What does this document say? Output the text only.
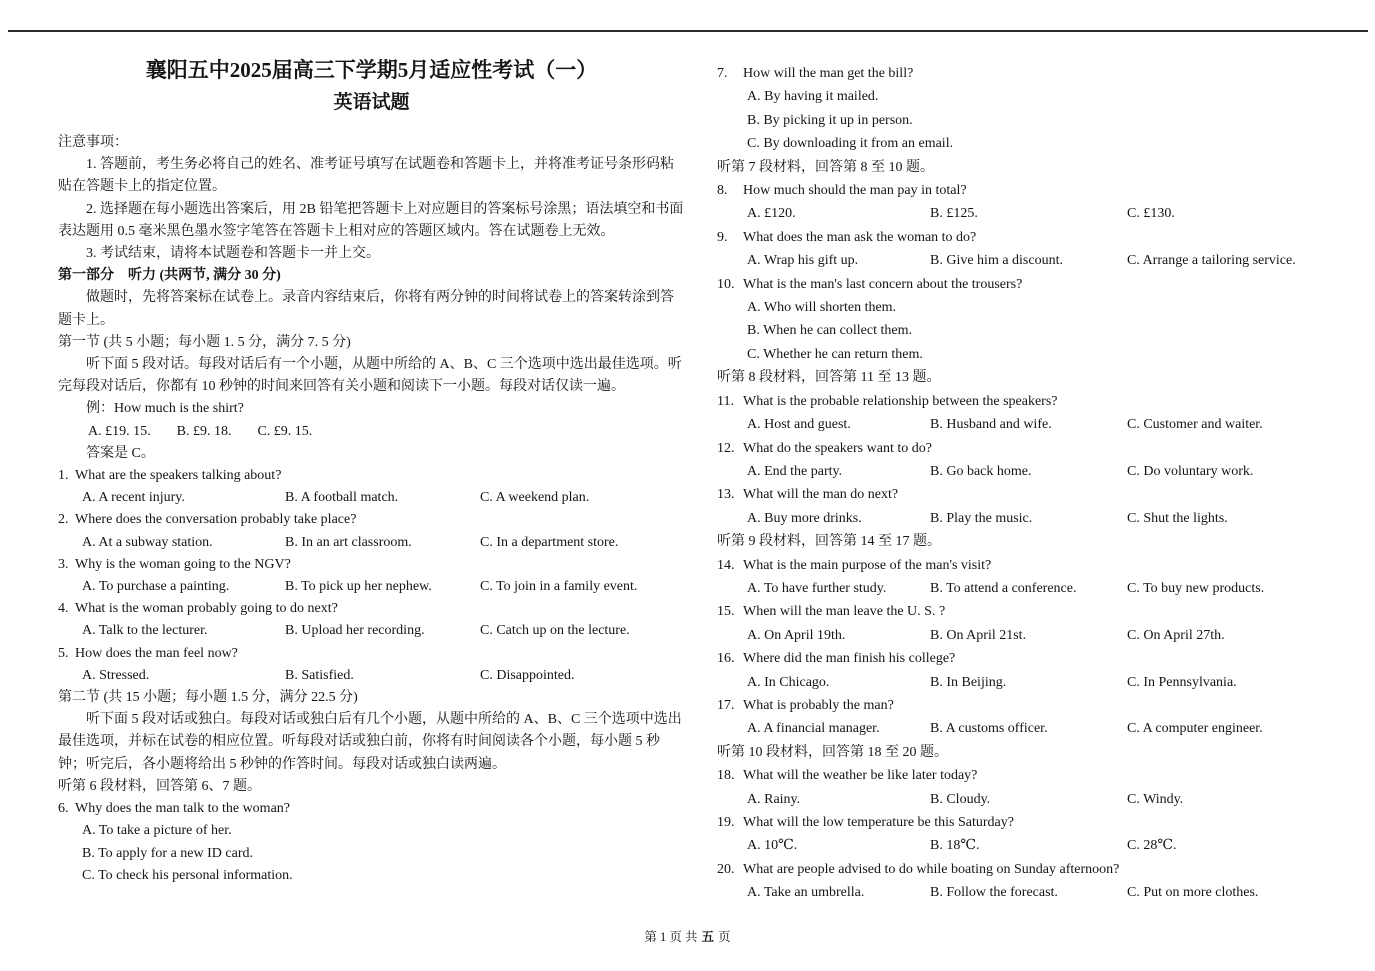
襄阳五中2025届高三下学期5月适应性考试（一）
英语试题
注意事项：
1. 答题前，考生务必将自己的姓名、准考证号填写在试题卷和答题卡上，并将准考证号条形码粘贴在答题卡上的指定位置。
2. 选择题在每小题选出答案后，用 2B 铅笔把答题卡上对应题目的答案标号涂黑；语法填空和书面表达题用 0.5 毫米黑色墨水签字笔答在答题卡上相对应的答题区域内。答在试题卷上无效。
3. 考试结束，请将本试题卷和答题卡一并上交。
第一部分　听力 (共两节, 满分 30 分)
做题时，先将答案标在试卷上。录音内容结束后，你将有两分钟的时间将试卷上的答案转涂到答题卡上。
第一节 (共 5 小题；每小题 1. 5 分，满分 7. 5 分)
听下面 5 段对话。每段对话后有一个小题，从题中所给的 A、B、C 三个选项中选出最佳选项。听完每段对话后，你都有 10 秒钟的时间来回答有关小题和阅读下一小题。每段对话仅读一遍。
例：How much is the shirt?
A. £19. 15. B. £9. 18. C. £9. 15.
答案是 C。
1. What are the speakers talking about?
A. A recent injury.	B. A football match.	C. A weekend plan.
2. Where does the conversation probably take place?
A. At a subway station.	B. In an art classroom.	C. In a department store.
3. Why is the woman going to the NGV?
A. To purchase a painting.	B. To pick up her nephew.	C. To join in a family event.
4. What is the woman probably going to do next?
A. Talk to the lecturer.	B. Upload her recording.	C. Catch up on the lecture.
5. How does the man feel now?
A. Stressed.	B. Satisfied.	C. Disappointed.
第二节 (共 15 小题；每小题 1.5 分，满分 22.5 分)
听下面 5 段对话或独白。每段对话或独白后有几个小题，从题中所给的 A、B、C 三个选项中选出最佳选项，并标在试卷的相应位置。听每段对话或独白前，你将有时间阅读各个小题，每小题 5 秒钟；听完后，各小题将给出 5 秒钟的作答时间。每段对话或独白读两遍。
听第 6 段材料，回答第 6、7 题。
6. Why does the man talk to the woman?
A. To take a picture of her.
B. To apply for a new ID card.
C. To check his personal information.
7.	How will the man get the bill?
A. By having it mailed.
B. By picking it up in person.
C. By downloading it from an email.
听第 7 段材料，回答第 8 至 10 题。
8.	How much should the man pay in total?
A. £120.	B. £125.	C. £130.
9.	What does the man ask the woman to do?
A. Wrap his gift up.	B. Give him a discount.	C. Arrange a tailoring service.
10. What is the man's last concern about the trousers?
A. Who will shorten them.
B. When he can collect them.
C. Whether he can return them.
听第 8 段材料，回答第 11 至 13 题。
11. What is the probable relationship between the speakers?
A. Host and guest.	B. Husband and wife.	C. Customer and waiter.
12. What do the speakers want to do?
A. End the party.	B. Go back home.	C. Do voluntary work.
13. What will the man do next?
A. Buy more drinks.	B. Play the music.	C. Shut the lights.
听第 9 段材料，回答第 14 至 17 题。
14. What is the main purpose of the man's visit?
A. To have further study.	B. To attend a conference.	C. To buy new products.
15. When will the man leave the U. S. ?
A. On April 19th.	B. On April 21st.	C. On April 27th.
16. Where did the man finish his college?
A. In Chicago.	B. In Beijing.	C. In Pennsylvania.
17. What is probably the man?
A. A financial manager.	B. A customs officer.	C. A computer engineer.
听第 10 段材料，回答第 18 至 20 题。
18. What will the weather be like later today?
A. Rainy.	B. Cloudy.	C. Windy.
19. What will the low temperature be this Saturday?
A. 10℃.	B. 18℃.	C. 28℃.
20. What are people advised to do while boating on Sunday afternoon?
A. Take an umbrella.	B. Follow the forecast.	C. Put on more clothes.
第 1 页 共 五 页
